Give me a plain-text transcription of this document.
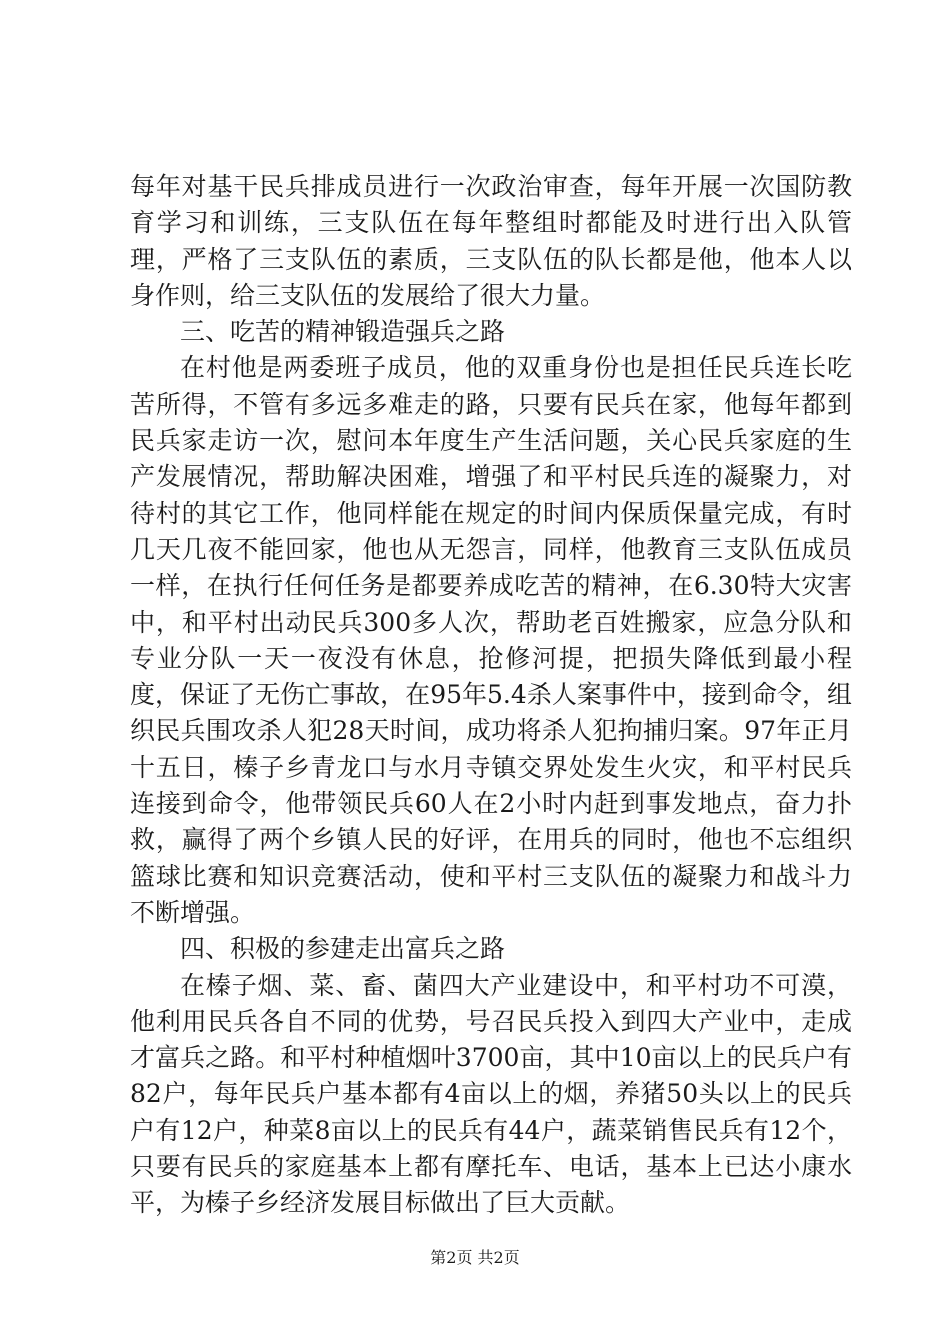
每年对基干民兵排成员进行一次政治审查，每年开展一次国防教育学习和训练，三支队伍在每年整组时都能及时进行出入队管理，严格了三支队伍的素质，三支队伍的队长都是他，他本人以身作则，给三支队伍的发展给了很大力量。

三、吃苦的精神锻造强兵之路

在村他是两委班子成员，他的双重身份也是担任民兵连长吃苦所得，不管有多远多难走的路，只要有民兵在家，他每年都到民兵家走访一次，慰问本年度生产生活问题，关心民兵家庭的生产发展情况，帮助解决困难，增强了和平村民兵连的凝聚力，对待村的其它工作，他同样能在规定的时间内保质保量完成，有时几天几夜不能回家，他也从无怨言，同样，他教育三支队伍成员一样，在执行任何任务是都要养成吃苦的精神，在6.30特大灾害中，和平村出动民兵300多人次，帮助老百姓搬家，应急分队和专业分队一天一夜没有休息，抢修河提，把损失降低到最小程度，保证了无伤亡事故，在95年5.4杀人案事件中，接到命令，组织民兵围攻杀人犯28天时间，成功将杀人犯拘捕归案。97年正月十五日，榛子乡青龙口与水月寺镇交界处发生火灾，和平村民兵连接到命令，他带领民兵60人在2小时内赶到事发地点，奋力扑救，赢得了两个乡镇人民的好评，在用兵的同时，他也不忘组织篮球比赛和知识竞赛活动，使和平村三支队伍的凝聚力和战斗力不断增强。

四、积极的参建走出富兵之路

在榛子烟、菜、畜、菌四大产业建设中，和平村功不可漠，他利用民兵各自不同的优势，号召民兵投入到四大产业中，走成才富兵之路。和平村种植烟叶3700亩，其中10亩以上的民兵户有82户，每年民兵户基本都有4亩以上的烟，养猪50头以上的民兵户有12户，种菜8亩以上的民兵有44户，蔬菜销售民兵有12个，只要有民兵的家庭基本上都有摩托车、电话，基本上已达小康水平，为榛子乡经济发展目标做出了巨大贡献。

第2页 共2页
